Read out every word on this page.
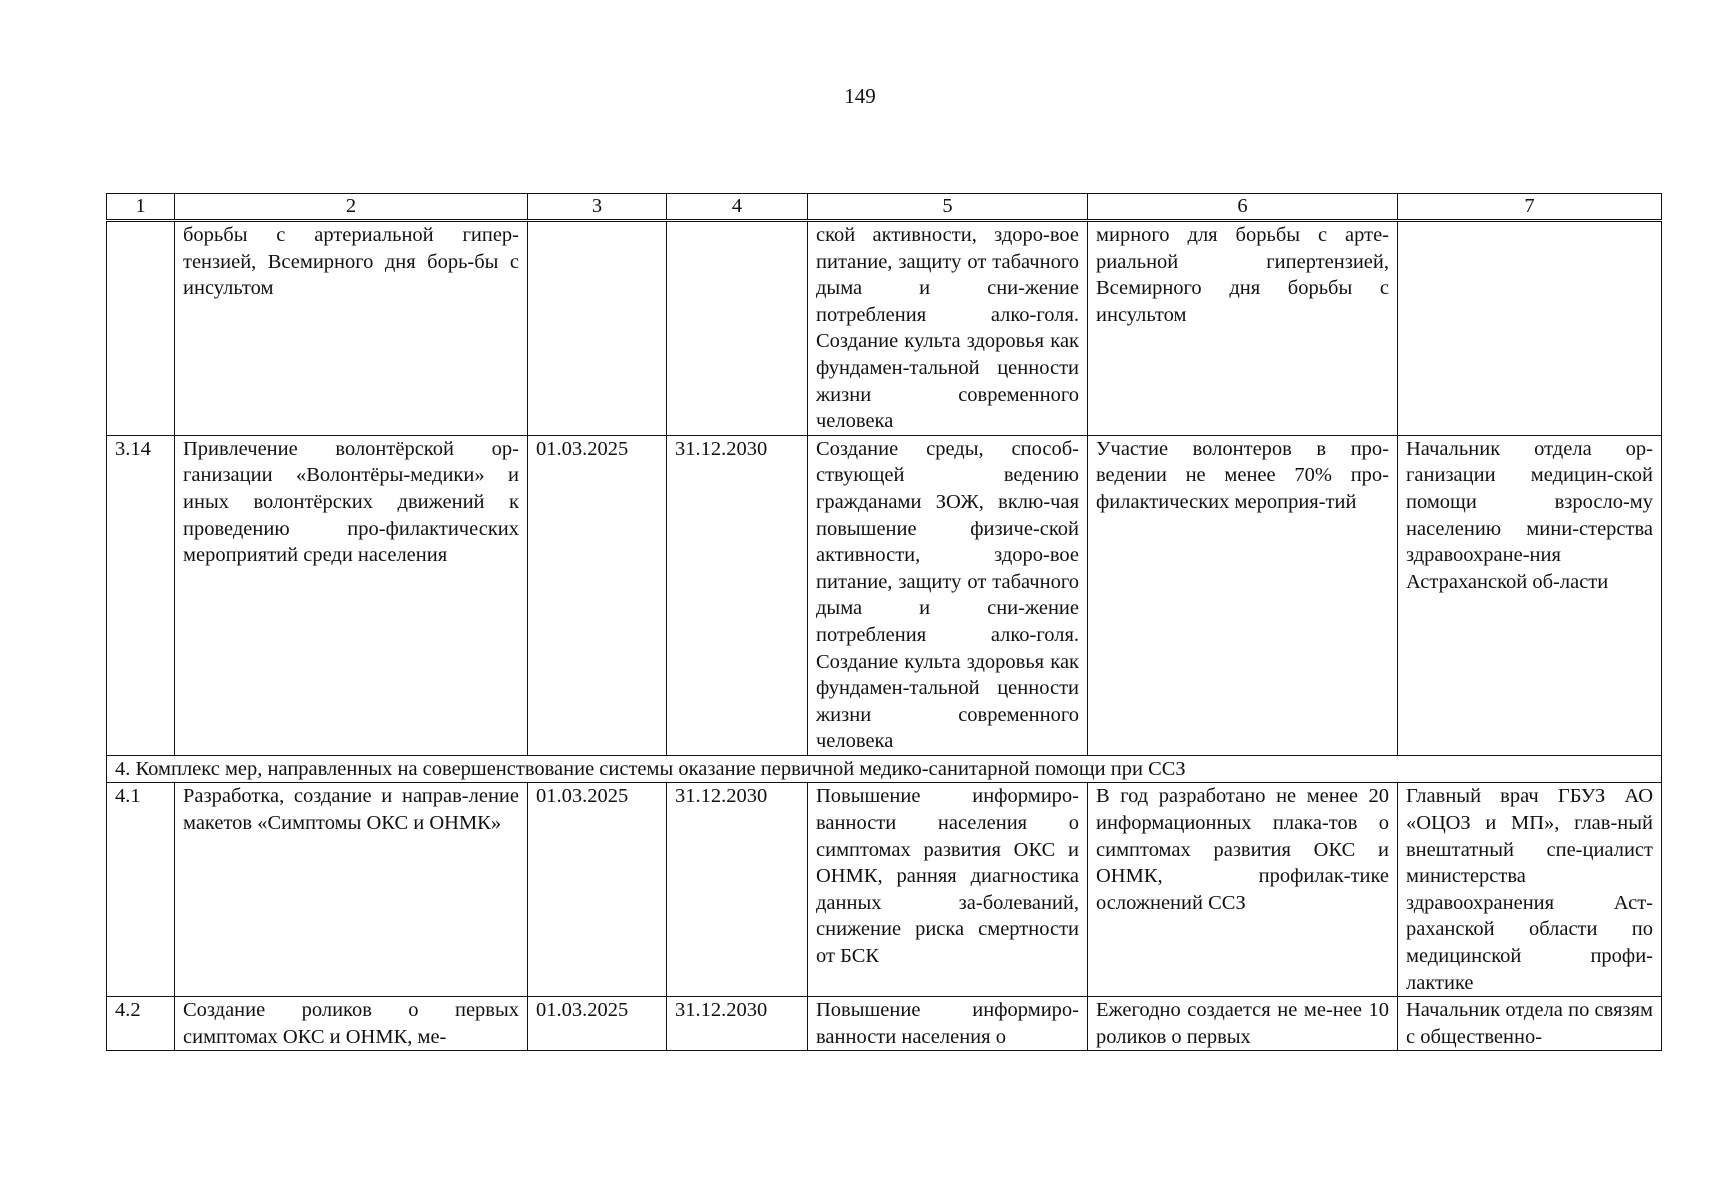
149
1	2	3	4	5	6	7
	борьбы с артериальной гипер-тензией, Всемирного дня борь-бы с инсультом			ской активности, здоро-вое питание, защиту от табачного дыма и сни-жение потребления алко-голя. Создание культа здоровья как фундамен-тальной ценности жизни современного человека	мирного для борьбы с арте-риальной гипертензией, Всемирного дня борьбы с инсультом	
3.14	Привлечение волонтёрской ор-ганизации «Волонтёры-медики» и иных волонтёрских движений к проведению про-филактических мероприятий среди населения	01.03.2025	31.12.2030	Создание среды, способ-ствующей ведению гражданами ЗОЖ, вклю-чая повышение физиче-ской активности, здоро-вое питание, защиту от табачного дыма и сни-жение потребления алко-голя. Создание культа здоровья как фундамен-тальной ценности жизни современного человека	Участие волонтеров в про-ведении не менее 70% про-филактических мероприя-тий	Начальник отдела ор-ганизации медицин-ской помощи взросло-му населению мини-стерства здравоохране-ния Астраханской об-ласти
4. Комплекс мер, направленных на совершенствование системы оказание первичной медико-санитарной помощи при ССЗ						
4.1	Разработка, создание и направ-ление макетов «Симптомы ОКС и ОНМК»	01.03.2025	31.12.2030	Повышение информиро-ванности населения о симптомах развития ОКС и ОНМК, ранняя диагностика данных за-болеваний, снижение риска смертности от БСК	В год разработано не менее 20 информационных плака-тов о симптомах развития ОКС и ОНМК, профилак-тике осложнений ССЗ	Главный врач ГБУЗ АО «ОЦОЗ и МП», глав-ный внештатный спе-циалист министерства здравоохранения Аст-раханской области по медицинской профи-лактике
4.2	Создание роликов о первых симптомах ОКС и ОНМК, ме-	01.03.2025	31.12.2030	Повышение информиро-ванности населения о	Ежегодно создается не ме-нее 10 роликов о первых	Начальник отдела по связям с общественно-
